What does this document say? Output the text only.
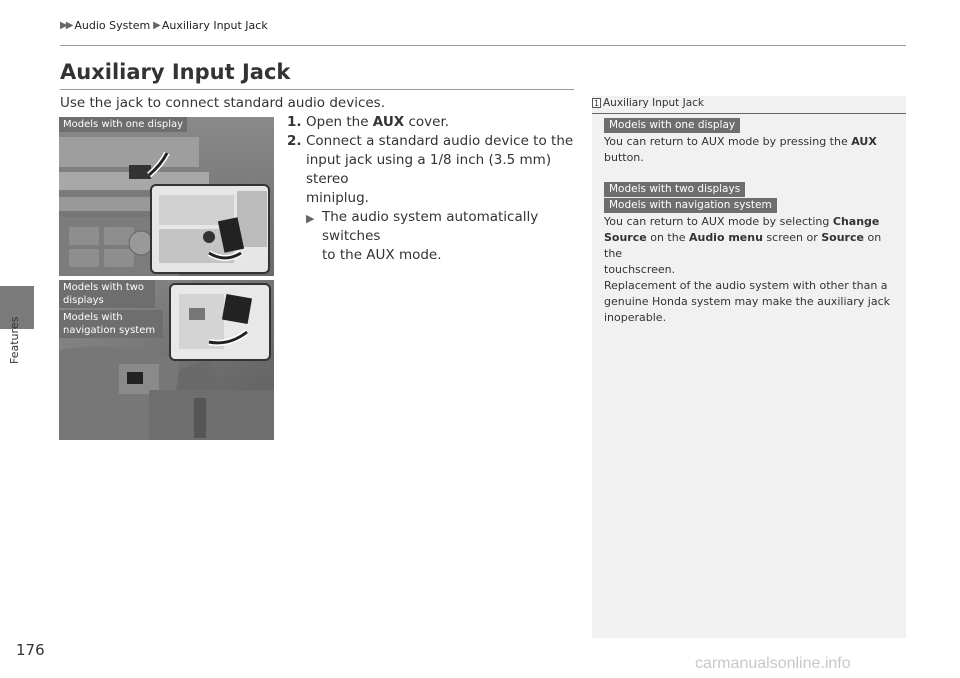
▶▶ Audio System ▶ Auxiliary Input Jack
Features
Auxiliary Input Jack
Use the jack to connect standard audio devices.
1. Open the AUX cover.
2. Connect a standard audio device to the
input jack using a 1/8 inch (3.5 mm) stereo
miniplug.
▶ The audio system automatically switches
to the AUX mode.
Models with one display
Models with two
displays
Models with
navigation system
1 Auxiliary Input Jack
Models with one display
You can return to AUX mode by pressing the AUX
button.
Models with two displays
Models with navigation system
You can return to AUX mode by selecting Change
Source on the Audio menu screen or Source on the
touchscreen.
Replacement of the audio system with other than a
genuine Honda system may make the auxiliary jack
inoperable.
176
carmanualsonline.info
